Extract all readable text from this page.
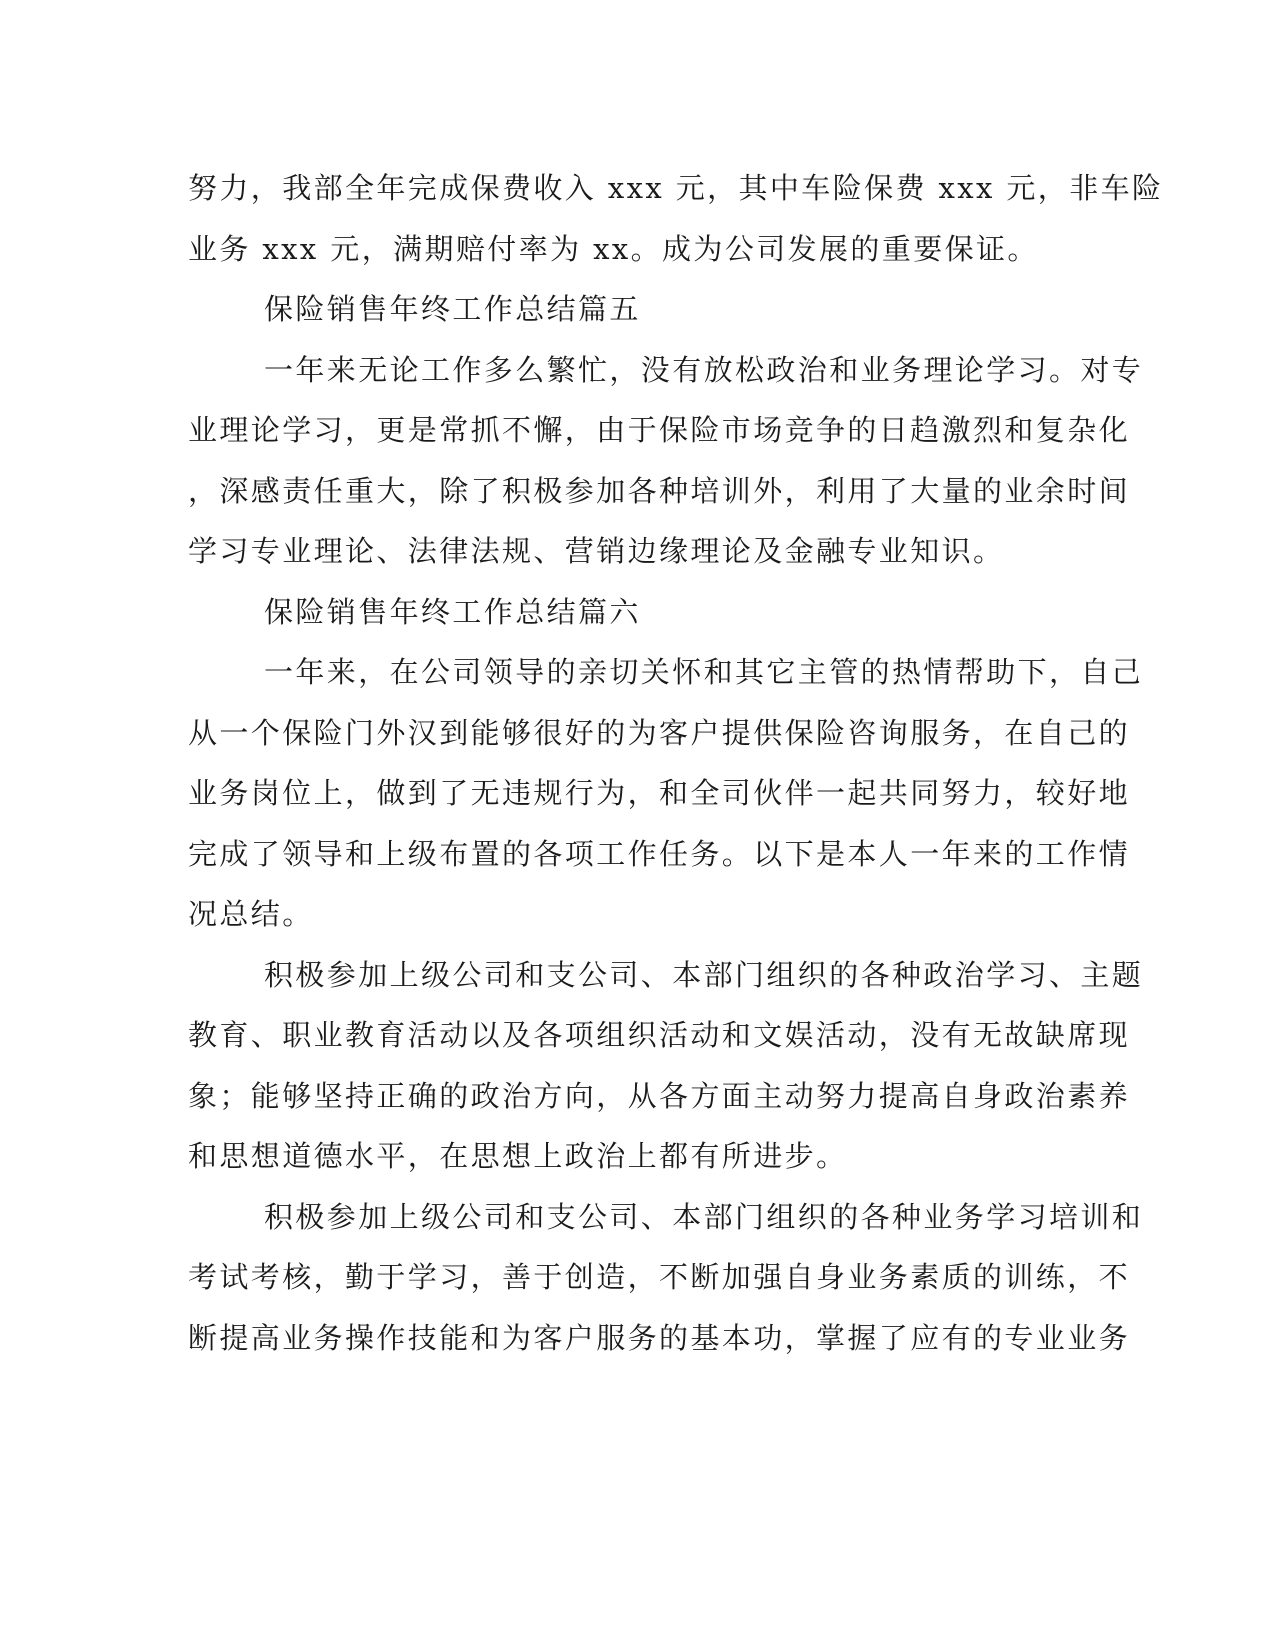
努力，我部全年完成保费收入 xxx 元，其中车险保费 xxx 元，非车险
业务 xxx 元，满期赔付率为 xx。成为公司发展的重要保证。
保险销售年终工作总结篇五
一年来无论工作多么繁忙，没有放松政治和业务理论学习。对专
业理论学习，更是常抓不懈，由于保险市场竞争的日趋激烈和复杂化
，深感责任重大，除了积极参加各种培训外，利用了大量的业余时间
学习专业理论、法律法规、营销边缘理论及金融专业知识。
保险销售年终工作总结篇六
一年来，在公司领导的亲切关怀和其它主管的热情帮助下，自己
从一个保险门外汉到能够很好的为客户提供保险咨询服务，在自己的
业务岗位上，做到了无违规行为，和全司伙伴一起共同努力，较好地
完成了领导和上级布置的各项工作任务。以下是本人一年来的工作情
况总结。
积极参加上级公司和支公司、本部门组织的各种政治学习、主题
教育、职业教育活动以及各项组织活动和文娱活动，没有无故缺席现
象；能够坚持正确的政治方向，从各方面主动努力提高自身政治素养
和思想道德水平，在思想上政治上都有所进步。
积极参加上级公司和支公司、本部门组织的各种业务学习培训和
考试考核，勤于学习，善于创造，不断加强自身业务素质的训练，不
断提高业务操作技能和为客户服务的基本功，掌握了应有的专业业务
